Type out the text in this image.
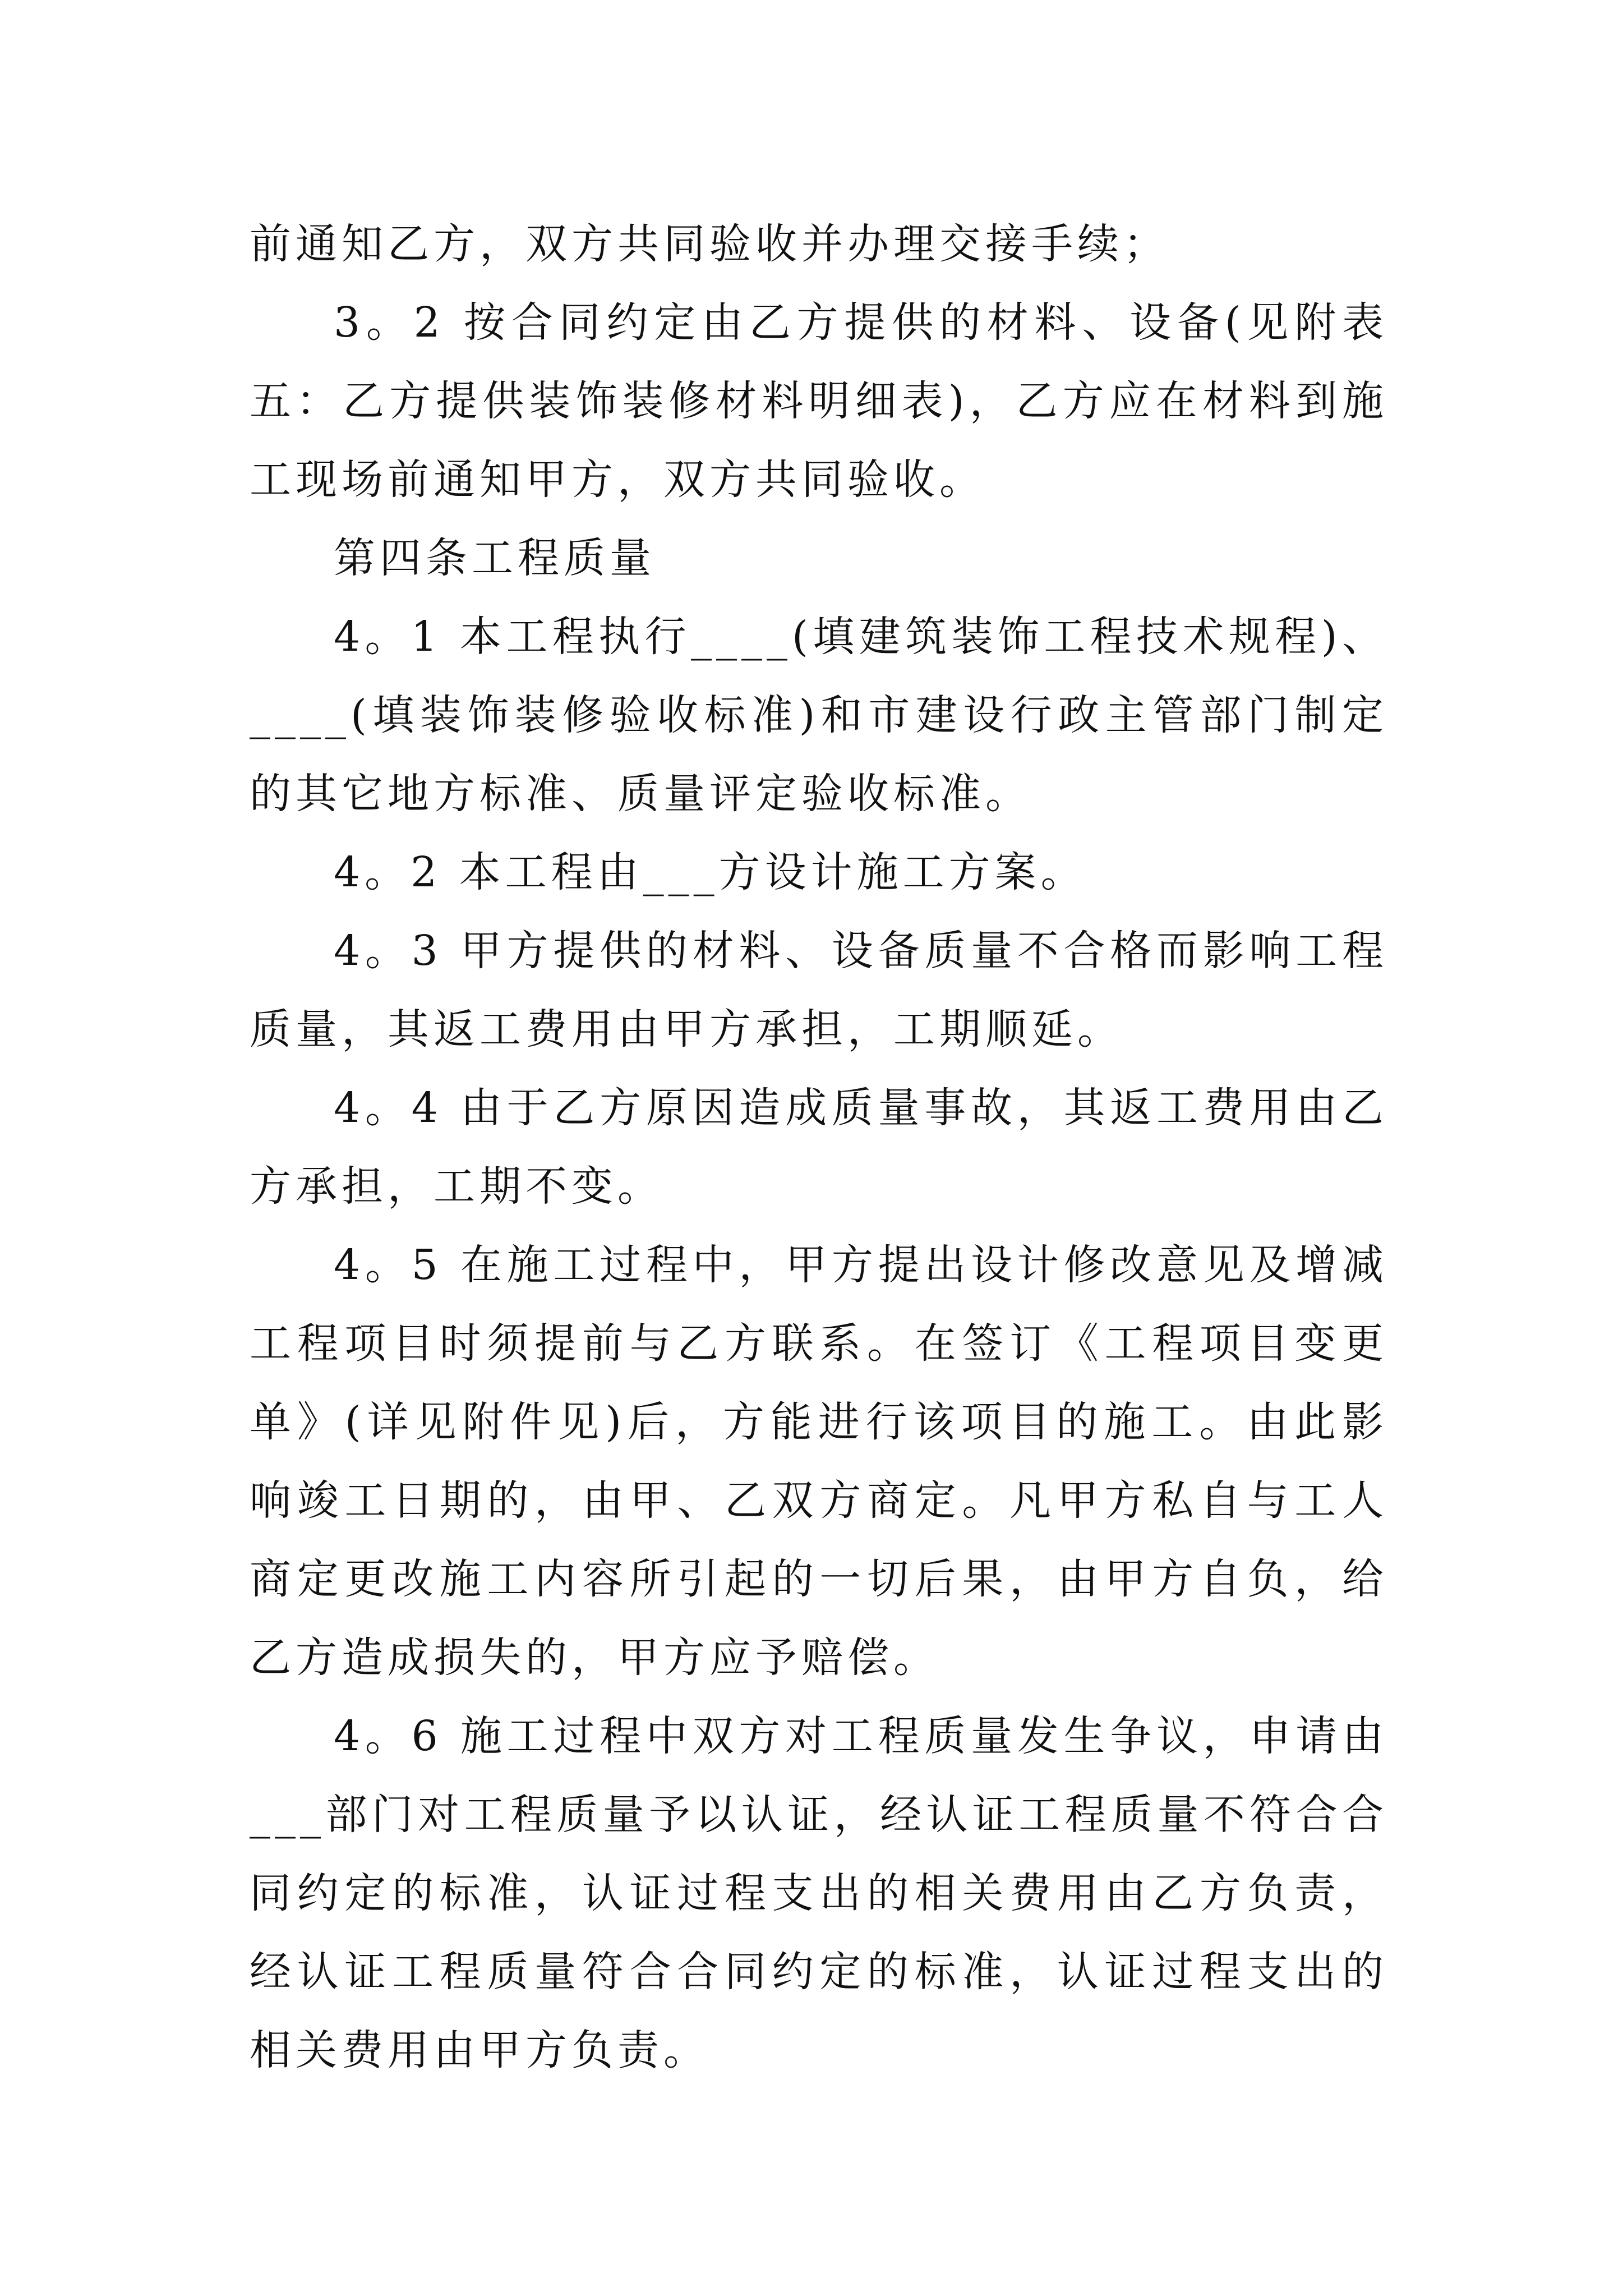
前通知乙方，双方共同验收并办理交接手续；

3。2 按合同约定由乙方提供的材料、设备(见附表五：乙方提供装饰装修材料明细表)，乙方应在材料到施工现场前通知甲方，双方共同验收。

第四条工程质量

4。1 本工程执行____(填建筑装饰工程技术规程)、____(填装饰装修验收标准)和市建设行政主管部门制定的其它地方标准、质量评定验收标准。

4。2 本工程由___方设计施工方案。

4。3 甲方提供的材料、设备质量不合格而影响工程质量，其返工费用由甲方承担，工期顺延。

4。4 由于乙方原因造成质量事故，其返工费用由乙方承担，工期不变。

4。5 在施工过程中，甲方提出设计修改意见及增减工程项目时须提前与乙方联系。在签订《工程项目变更单》(详见附件见)后，方能进行该项目的施工。由此影响竣工日期的，由甲、乙双方商定。凡甲方私自与工人商定更改施工内容所引起的一切后果，由甲方自负，给乙方造成损失的，甲方应予赔偿。

4。6 施工过程中双方对工程质量发生争议，申请由___部门对工程质量予以认证，经认证工程质量不符合合同约定的标准，认证过程支出的相关费用由乙方负责，经认证工程质量符合合同约定的标准，认证过程支出的相关费用由甲方负责。
